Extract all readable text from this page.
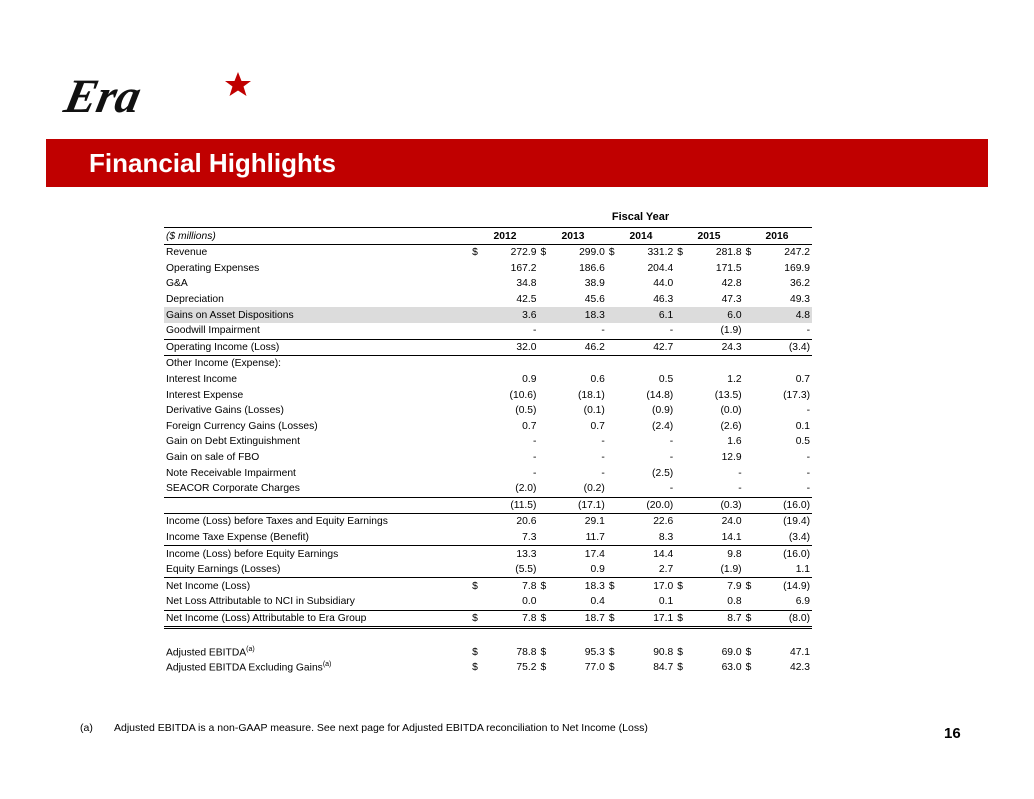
Era
Financial Highlights
Fiscal Year
($ millions)	2012	2013	2014	2015	2016
Revenue	$	272.9 $	299.0 $	331.2 $	281.8 $	247.2
Operating Expenses	167.2	186.6	204.4	171.5	169.9
G&A	34.8	38.9	44.0	42.8	36.2
Depreciation	42.5	45.6	46.3	47.3	49.3
Gains on Asset Dispositions	3.6	18.3	6.1	6.0	4.8
Goodwill Impairment	-	-	-	(1.9)	-
Operating Income (Loss)	32.0	46.2	42.7	24.3	(3.4)
Other Income (Expense):
Interest Income	0.9	0.6	0.5	1.2	0.7
Interest Expense	(10.6)	(18.1)	(14.8)	(13.5)	(17.3)
Derivative Gains (Losses)	(0.5)	(0.1)	(0.9)	(0.0)	-
Foreign Currency Gains (Losses)	0.7	0.7	(2.4)	(2.6)	0.1
Gain on Debt Extinguishment	-	-	-	1.6	0.5
Gain on sale of FBO	-	-	-	12.9	-
Note Receivable Impairment	-	-	(2.5)	-	-
SEACOR Corporate Charges	(2.0)	(0.2)	-	-	-
(11.5)	(17.1)	(20.0)	(0.3)	(16.0)
Income (Loss) before Taxes and Equity Earnings	20.6	29.1	22.6	24.0	(19.4)
Income Taxe Expense (Benefit)	7.3	11.7	8.3	14.1	(3.4)
Income (Loss) before Equity Earnings	13.3	17.4	14.4	9.8	(16.0)
Equity Earnings (Losses)	(5.5)	0.9	2.7	(1.9)	1.1
Net Income (Loss)	$	7.8 $	18.3 $	17.0 $	7.9 $	(14.9)
Net Loss Attributable to NCI in Subsidiary	0.0	0.4	0.1	0.8	6.9
Net Income (Loss) Attributable to Era Group	$	7.8 $	18.7 $	17.1 $	8.7 $	(8.0)
Adjusted EBITDA$^{(a)}$	$	78.8 $	95.3 $	90.8 $	69.0 $	47.1
Adjusted EBITDA Excluding Gains$^{(a)}$	$	75.2 $	77.0 $	84.7 $	63.0 $	42.3
(a) Adjusted EBITDA is a non-GAAP measure. See next page for Adjusted EBITDA reconciliation to Net Income (Loss)	16
